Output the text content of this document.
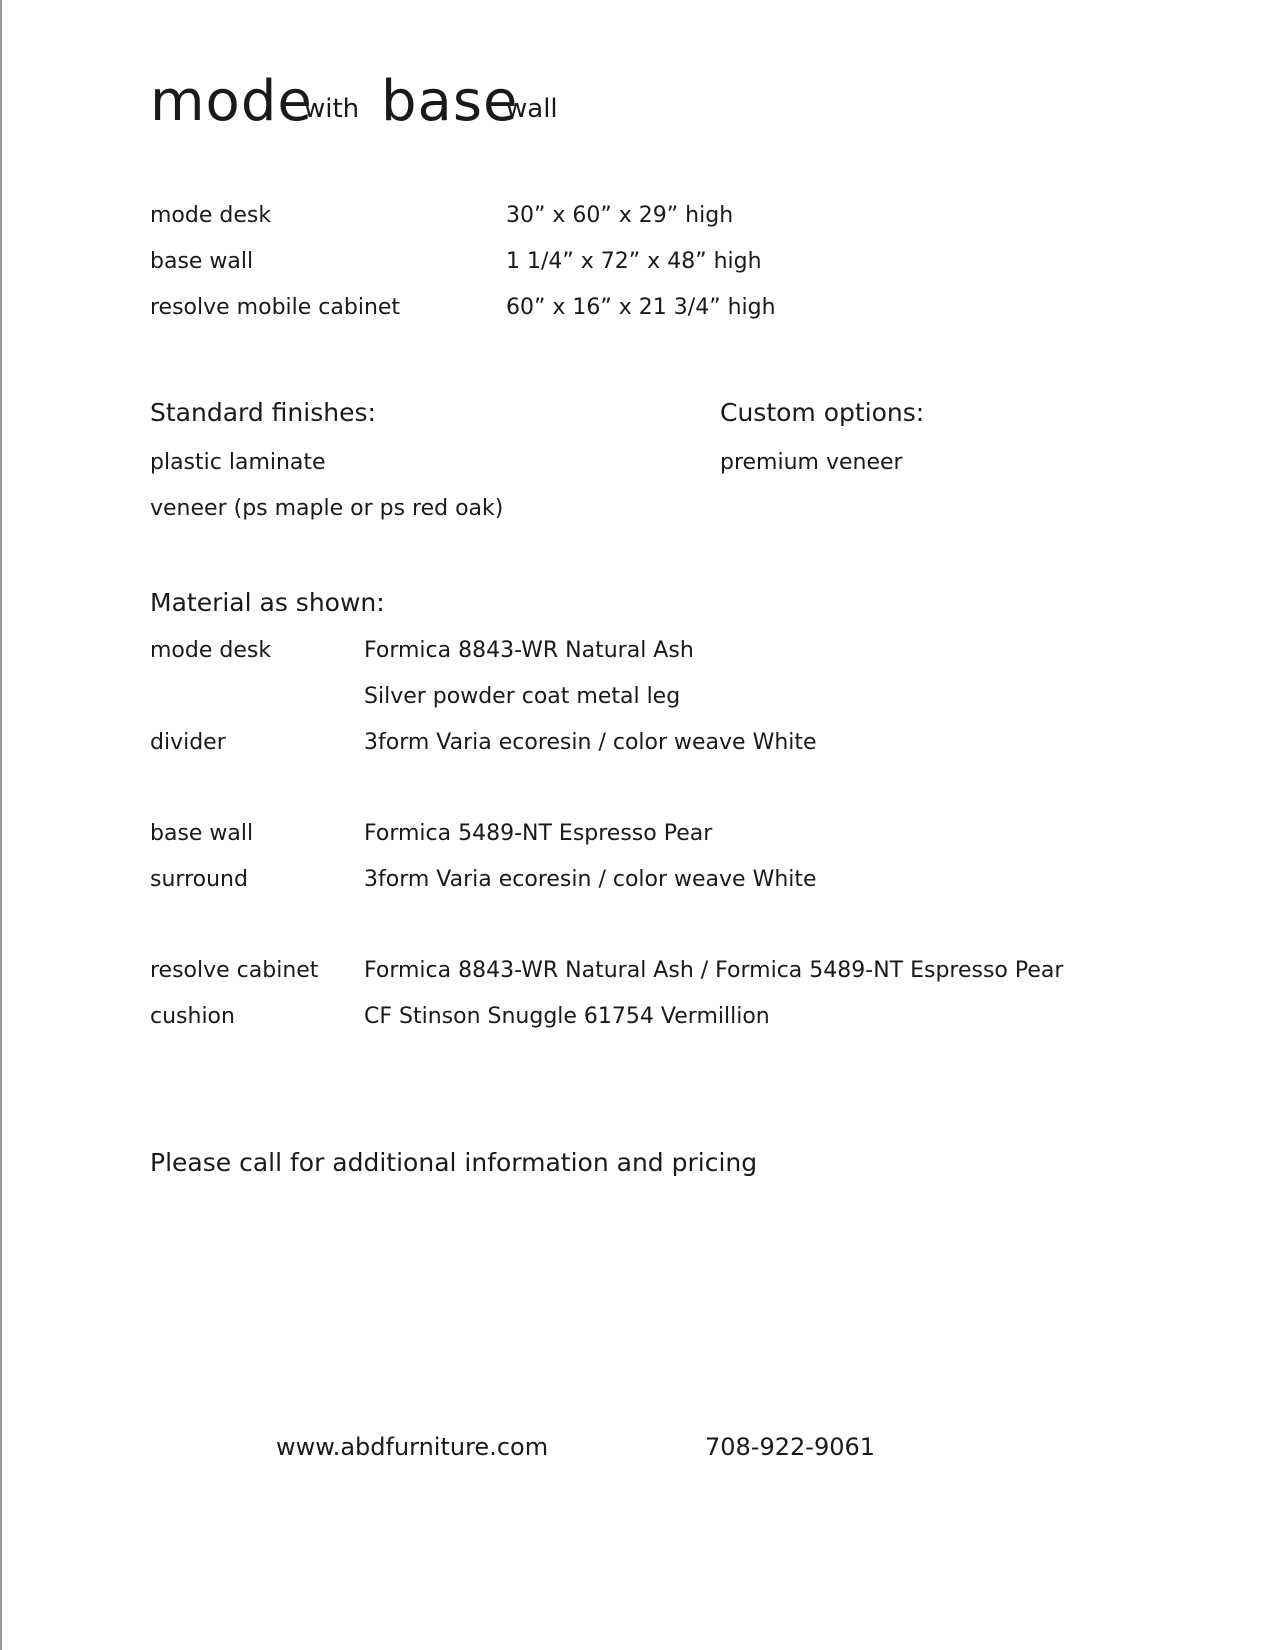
mode
with base
wall
mode desk	30” x 60” x 29” high
base wall	1 1/4” x 72” x 48” high
resolve mobile cabinet	60” x 16” x 21 3/4” high
Standard finishes:	Custom options:
plastic laminate	premium veneer
veneer (ps maple or ps red oak)
Material as shown:
mode desk	Formica 8843-WR Natural Ash
Silver powder coat metal leg
divider	3form Varia ecoresin / color weave White
base wall	Formica 5489-NT Espresso Pear
surround	3form Varia ecoresin / color weave White
resolve cabinet Formica 8843-WR Natural Ash / Formica 5489-NT Espresso Pear
cushion	CF Stinson Snuggle 61754 Vermillion
Please call for additional information and pricing
www.abdfurniture.com	708-922-9061
